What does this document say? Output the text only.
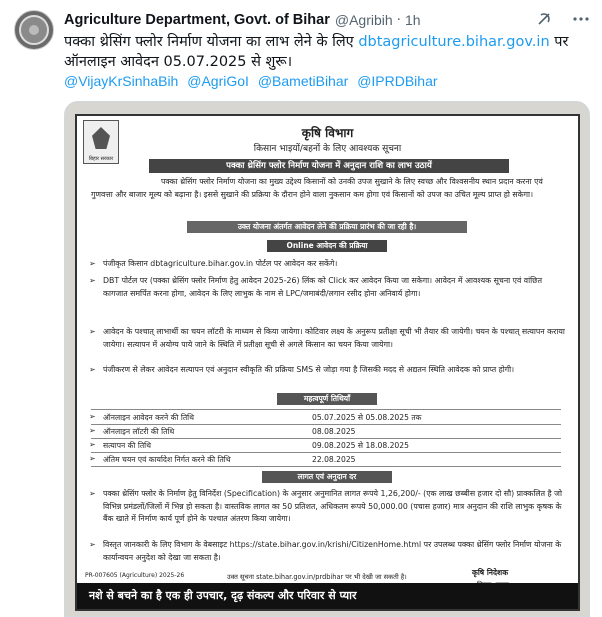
Agriculture Department, Govt. of Bihar @Agribih · 1h
पक्का थ्रेसिंग फ्लोर निर्माण योजना का लाभ लेने के लिए dbtagriculture.bihar.gov.in पर ऑनलाइन आवेदन 05.07.2025 से शुरू।
@VijayKrSinhaBih @AgriGoI @BametiBihar @IPRDBihar
बिहार सरकार
कृषि विभाग
किसान भाइयों/बहनों के लिए आवश्यक सूचना
पक्का थ्रेसिंग फ्लोर निर्माण योजना में अनुदान राशि का लाभ उठायें
पक्का थ्रेसिंग फ्लोर निर्माण योजना का मुख्य उद्देश्य किसानों को उनकी उपज सुखाने के लिए स्वच्छ और विश्वसनीय स्थान प्रदान करना एवं गुणवत्ता और बाजार मूल्य को बढ़ाना है। इससे सुखाने की प्रक्रिया के दौरान होने वाला नुकसान कम होगा एवं किसानों को उपज का उचित मूल्य प्राप्त हो सकेगा।
उक्त योजना अंतर्गत आवेदन लेने की प्रक्रिया प्रारंभ की जा रही है।
Online आवेदन की प्रक्रिया
➢ पंजीकृत किसान dbtagriculture.bihar.gov.in पोर्टल पर आवेदन कर सकेंगे।
➢ DBT पोर्टल पर (पक्का थ्रेसिंग फ्लोर निर्माण हेतु आवेदन 2025-26) लिंक को Click कर आवेदन किया जा सकेगा। आवेदन में आवश्यक सूचना एवं वांछित कागजात समर्पित करना होगा, आवेदन के लिए लाभुक के नाम से LPC/जमाबंदी/लगान रसीद होना अनिवार्य होगा।
➢ आवेदन के पश्चात् लाभार्थी का चयन लॉटरी के माध्यम से किया जायेगा। कोटिवार लक्ष्य के अनुरूप प्रतीक्षा सूची भी तैयार की जायेगी। चयन के पश्चात् सत्यापन कराया जायेगा। सत्यापन में अयोग्य पाये जाने के स्थिति में प्रतीक्षा सूची से अगले किसान का चयन किया जायेगा।
➢ पंजीकरण से लेकर आवेदन सत्यापन एवं अनुदान स्वीकृति की प्रक्रिया SMS से जोड़ा गया है जिसकी मदद से अद्यतन स्थिति आवेदक को प्राप्त होगी।
महत्वपूर्ण तिथियाँ
➢ ऑनलाइन आवेदन करने की तिथि	05.07.2025 से 05.08.2025 तक
➢ ऑनलाइन लॉटरी की तिथि	08.08.2025
➢ सत्यापन की तिथि	09.08.2025 से 18.08.2025
➢ अंतिम चयन एवं कार्यादेश निर्गत करने की तिथि	22.08.2025
लागत एवं अनुदान दर
➢ पक्का थ्रेसिंग फ्लोर के निर्माण हेतु विनिर्देश (Specification) के अनुसार अनुमानित लागत रूपये 1,26,200/- (एक लाख छब्बीस हजार दो सौ) प्राक्कलित है जो विभिन्न प्रमंडलों/जिलों में भिन्न हो सकता है। वास्तविक लागत का 50 प्रतिशत, अधिकतम रूपये 50,000.00 (पचास हजार) मात्र अनुदान की राशि लाभुक कृषक के बैंक खाते में निर्माण कार्य पूर्ण होने के पश्चात अंतरण किया जायेगा।
➢ विस्तृत जानकारी के लिए विभाग के वेबसाइट https://state.bihar.gov.in/krishi/CitizenHome.html पर उपलब्ध पक्का थ्रेसिंग फ्लोर निर्माण योजना के कार्यान्वयन अनुदेश को देखा जा सकता है।
PR-007605 (Agriculture) 2025-26	उक्त सूचना state.bihar.gov.in/prdbihar पर भी देखी जा सकती है।	कृषि निदेशक
नशे से बचने का है एक ही उपचार, दृढ़ संकल्प और परिवार से प्यार
